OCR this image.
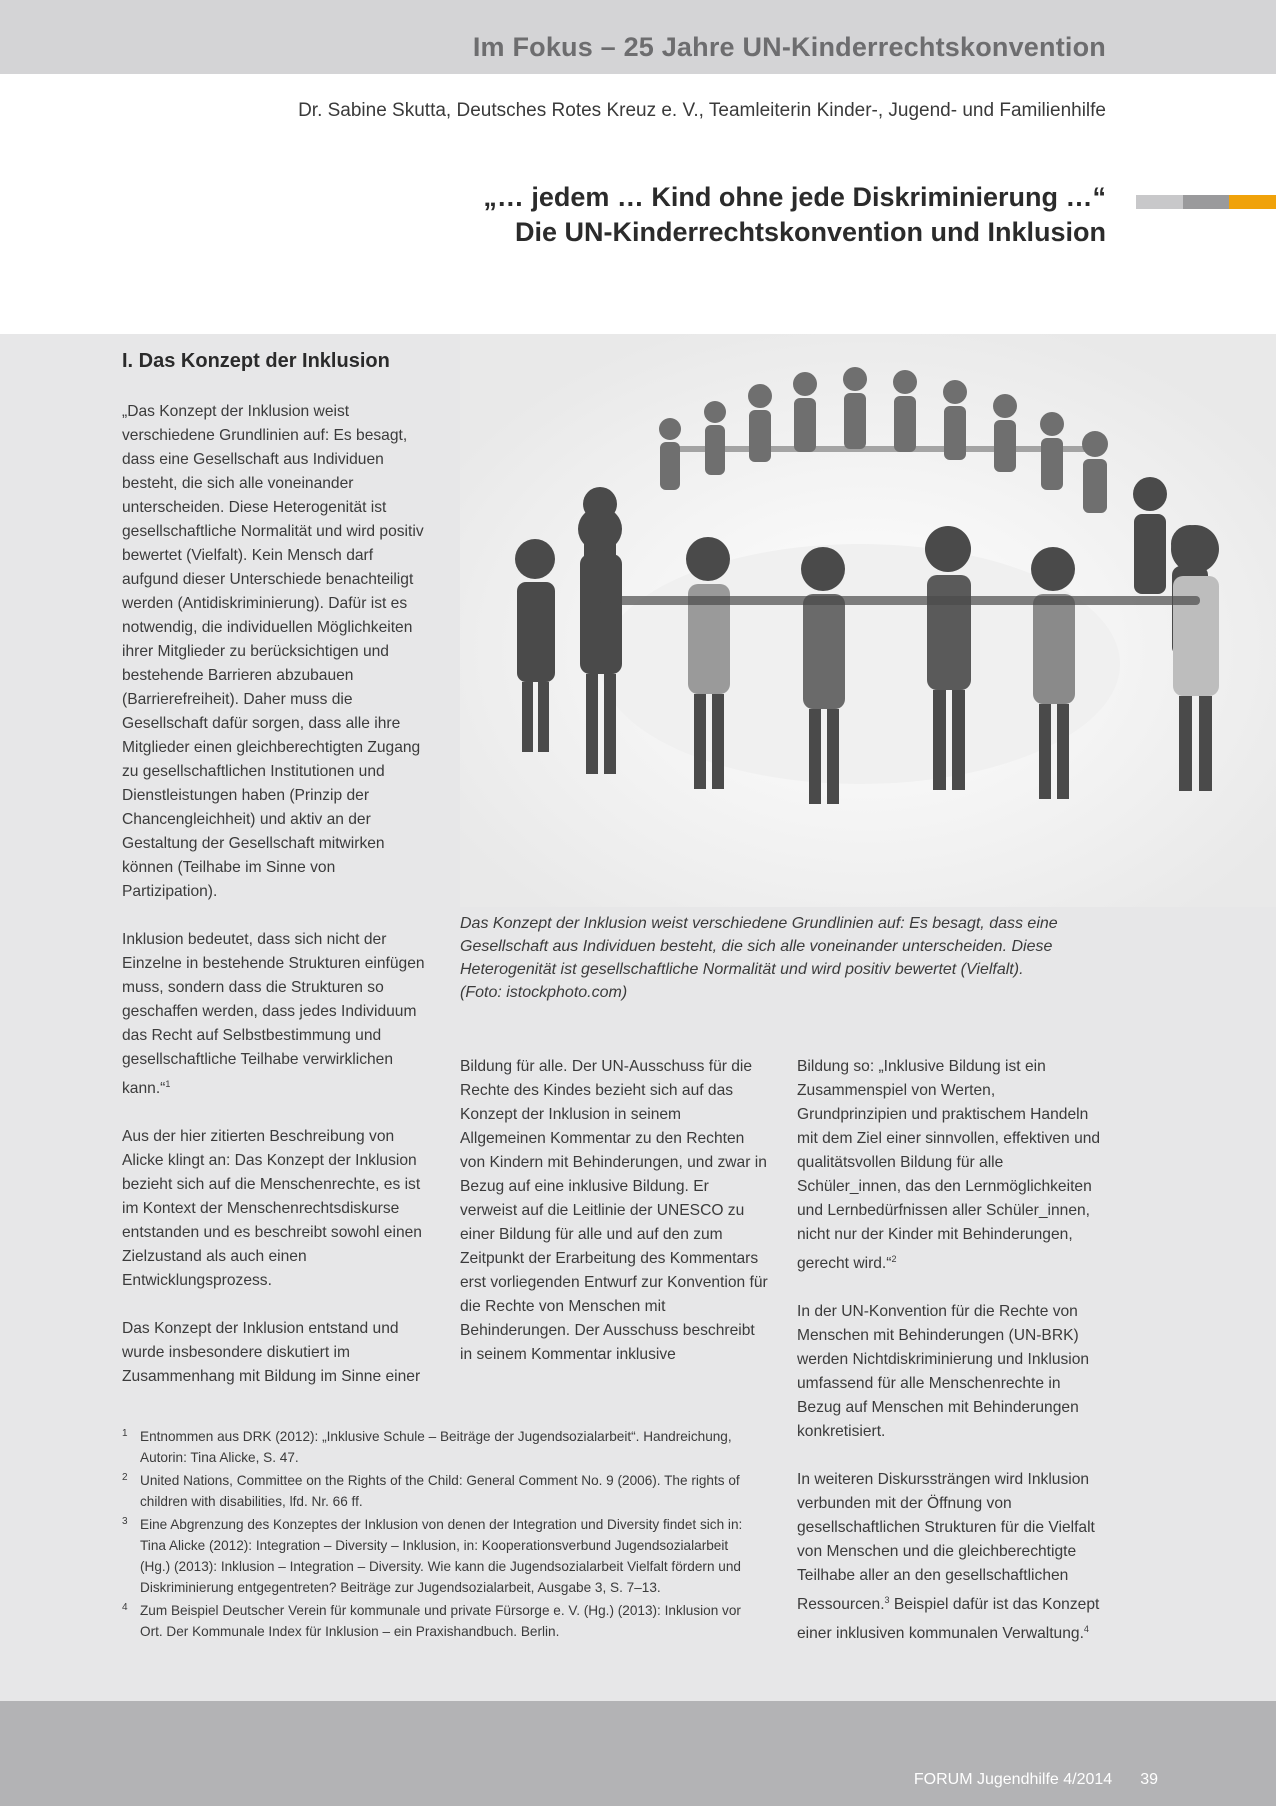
Im Fokus – 25 Jahre UN-Kinderrechtskonvention
Dr. Sabine Skutta, Deutsches Rotes Kreuz e. V., Teamleiterin Kinder-, Jugend- und Familienhilfe
„… jedem … Kind ohne jede Diskriminierung …“
Die UN-Kinderrechtskonvention und Inklusion
I. Das Konzept der Inklusion

„Das Konzept der Inklusion weist verschiedene Grundlinien auf: Es besagt, dass eine Gesellschaft aus Individuen besteht, die sich alle voneinander unterscheiden. Diese Heterogenität ist gesellschaftliche Normalität und wird positiv bewertet (Vielfalt). Kein Mensch darf aufgund dieser Unterschiede benachteiligt werden (Antidiskriminierung). Dafür ist es notwendig, die individuellen Möglichkeiten ihrer Mitglieder zu berücksichtigen und bestehende Barrieren abzubauen (Barrierefreiheit). Daher muss die Gesellschaft dafür sorgen, dass alle ihre Mitglieder einen gleichberechtigten Zugang zu gesellschaftlichen Institutionen und Dienstleistungen haben (Prinzip der Chancengleichheit) und aktiv an der Gestaltung der Gesellschaft mitwirken können (Teilhabe im Sinne von Partizipation).

Inklusion bedeutet, dass sich nicht der Einzelne in bestehende Strukturen einfügen muss, sondern dass die Strukturen so geschaffen werden, dass jedes Individuum das Recht auf Selbstbestimmung und gesellschaftliche Teilhabe verwirklichen kann.“$^1$

Aus der hier zitierten Beschreibung von Alicke klingt an: Das Konzept der Inklusion bezieht sich auf die Menschenrechte, es ist im Kontext der Menschenrechtsdiskurse entstanden und es beschreibt sowohl einen Zielzustand als auch einen Entwicklungsprozess.

Das Konzept der Inklusion entstand und wurde insbesondere diskutiert im Zusammenhang mit Bildung im Sinne einer

Das Konzept der Inklusion weist verschiedene Grundlinien auf: Es besagt, dass eine Gesellschaft aus Individuen besteht, die sich alle voneinander unterscheiden. Diese Heterogenität ist gesellschaftliche Normalität und wird positiv bewertet (Vielfalt).
(Foto: istockphoto.com)

Bildung für alle. Der UN-Ausschuss für die Rechte des Kindes bezieht sich auf das Konzept der Inklusion in seinem Allgemeinen Kommentar zu den Rechten von Kindern mit Behinderungen, und zwar in Bezug auf eine inklusive Bildung. Er verweist auf die Leitlinie der UNESCO zu einer Bildung für alle und auf den zum Zeitpunkt der Erarbeitung des Kommentars erst vorliegenden Entwurf zur Konvention für die Rechte von Menschen mit Behinderungen. Der Ausschuss beschreibt in seinem Kommentar inklusive

Bildung so: „Inklusive Bildung ist ein Zusammenspiel von Werten, Grundprinzipien und praktischem Handeln mit dem Ziel einer sinnvollen, effektiven und qualitätsvollen Bildung für alle Schüler_innen, das den Lernmöglichkeiten und Lernbedürfnissen aller Schüler_innen, nicht nur der Kinder mit Behinderungen, gerecht wird.“$^2$

In der UN-Konvention für die Rechte von Menschen mit Behinderungen (UN-BRK) werden Nichtdiskriminierung und Inklusion umfassend für alle Menschenrechte in Bezug auf Menschen mit Behinderungen konkretisiert.

In weiteren Diskurssträngen wird Inklusion verbunden mit der Öffnung von gesellschaftlichen Strukturen für die Vielfalt von Menschen und die gleichberechtigte Teilhabe aller an den gesellschaftlichen Ressourcen.$^3$ Beispiel dafür ist das Konzept einer inklusiven kommunalen Verwaltung.$^4$

1 Entnommen aus DRK (2012): „Inklusive Schule – Beiträge der Jugendsozialarbeit“. Handreichung, Autorin: Tina Alicke, S. 47.
2 United Nations, Committee on the Rights of the Child: General Comment No. 9 (2006). The rights of children with disabilities, lfd. Nr. 66 ff.
3 Eine Abgrenzung des Konzeptes der Inklusion von denen der Integration und Diversity findet sich in: Tina Alicke (2012): Integration – Diversity – Inklusion, in: Kooperationsverbund Jugendsozialarbeit (Hg.) (2013): Inklusion – Integration – Diversity. Wie kann die Jugendsozialarbeit Vielfalt fördern und Diskriminierung entgegentreten? Beiträge zur Jugendsozialarbeit, Ausgabe 3, S. 7–13.
4 Zum Beispiel Deutscher Verein für kommunale und private Fürsorge e. V. (Hg.) (2013): Inklusion vor Ort. Der Kommunale Index für Inklusion – ein Praxishandbuch. Berlin.
FORUM Jugendhilfe 4/2014 39
